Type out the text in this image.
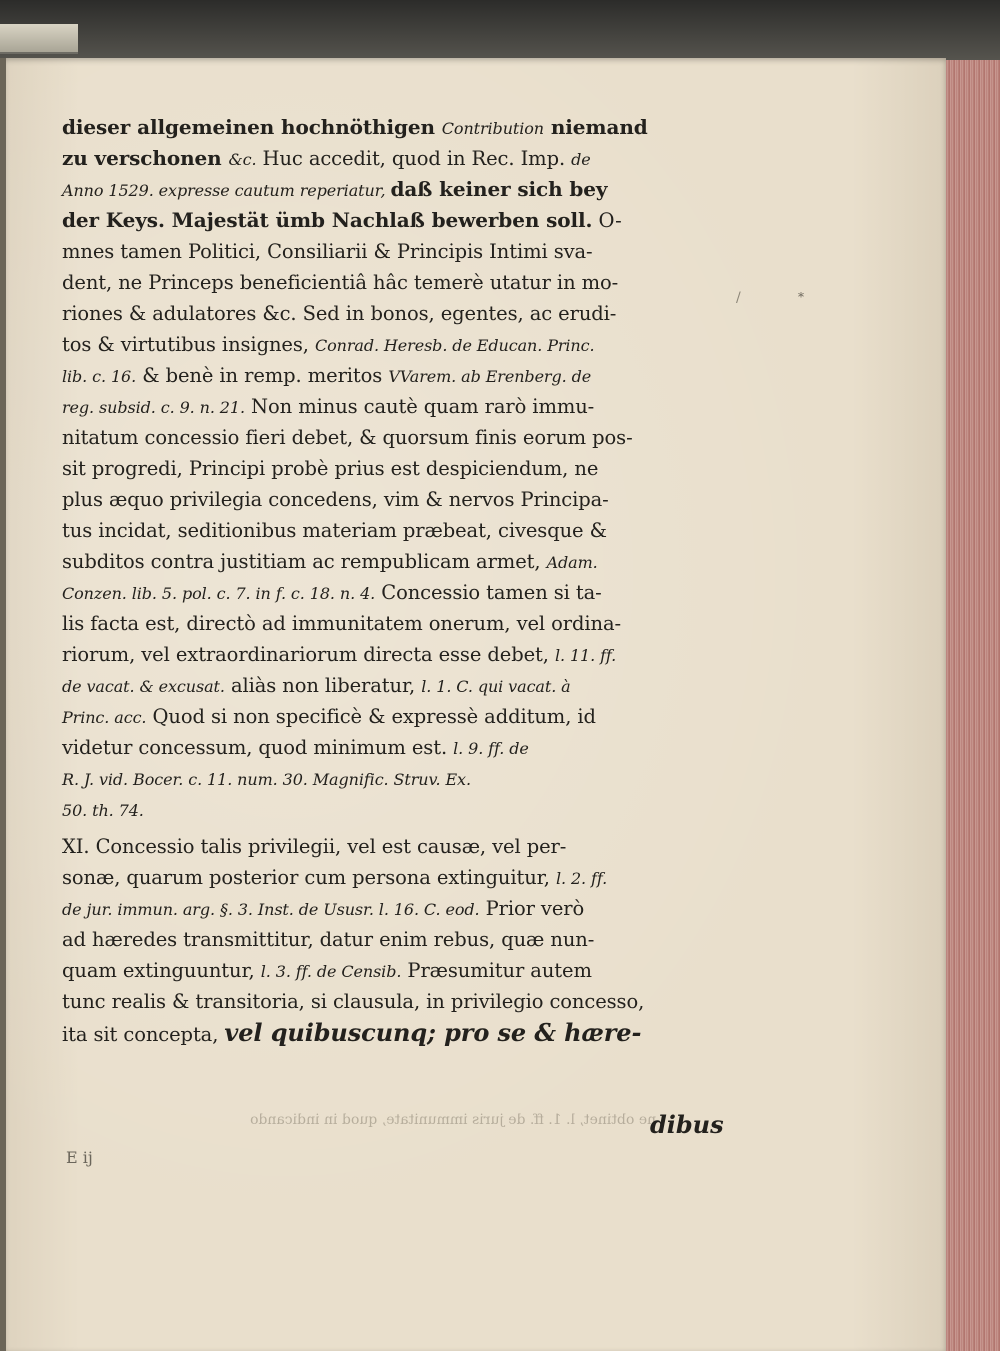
dieser allgemeinen hochnöthigen Contribution niemand
zu verschonen &c. Huc accedit, quod in Rec. Imp. de
Anno 1529. expresse cautum reperiatur, daß keiner sich bey
der Keys. Majestät ümb Nachlaß bewerben soll. O-
mnes tamen Politici, Consiliarii & Principis Intimi sva-
dent, ne Princeps beneficientiâ hâc temerè utatur in mo-
riones & adulatores &c. Sed in bonos, egentes, ac erudi-
tos & virtutibus insignes, Conrad. Heresb. de Educan. Princ.
lib. c. 16. & benè in remp. meritos VVarem. ab Erenberg. de
reg. subsid. c. 9. n. 21. Non minus cautè quam rarò immu-
nitatum concessio fieri debet, & quorsum finis eorum pos-
sit progredi, Principi probè prius est despiciendum, ne
plus æquo privilegia concedens, vim & nervos Principa-
tus incidat, seditionibus materiam præbeat, civesque &
subditos contra justitiam ac rempublicam armet, Adam.
Conzen. lib. 5. pol. c. 7. in f. c. 18. n. 4. Concessio tamen si ta-
lis facta est, directò ad immunitatem onerum, vel ordina-
riorum, vel extraordinariorum directa esse debet, l. 11. ff.
de vacat. & excusat. aliàs non liberatur, l. 1. C. qui vacat. à
Princ. acc. Quod si non specificè & expressè additum, id
videtur concessum, quod minimum est. l. 9. ff. de
R. J. vid. Bocer. c. 11. num. 30. Magnific. Struv. Ex.
50. th. 74.
XI. Concessio talis privilegii, vel est causæ, vel per-
sonæ, quarum posterior cum persona extinguitur, l. 2. ff.
de jur. immun. arg. §. 3. Inst. de Ususr. l. 16. C. eod. Prior verò
ad hæredes transmittitur, datur enim rebus, quæ nun-
quam extinguuntur, l. 3. ff. de Censib. Præsumitur autem
tunc realis & transitoria, si clausula, in privilegio concesso,
ita sit concepta, vel quibuscunq; pro se & hære-
/	*
ne obtinet, l. 1. ff. de juris immunitate, quod in indicando
dibus
E ij
